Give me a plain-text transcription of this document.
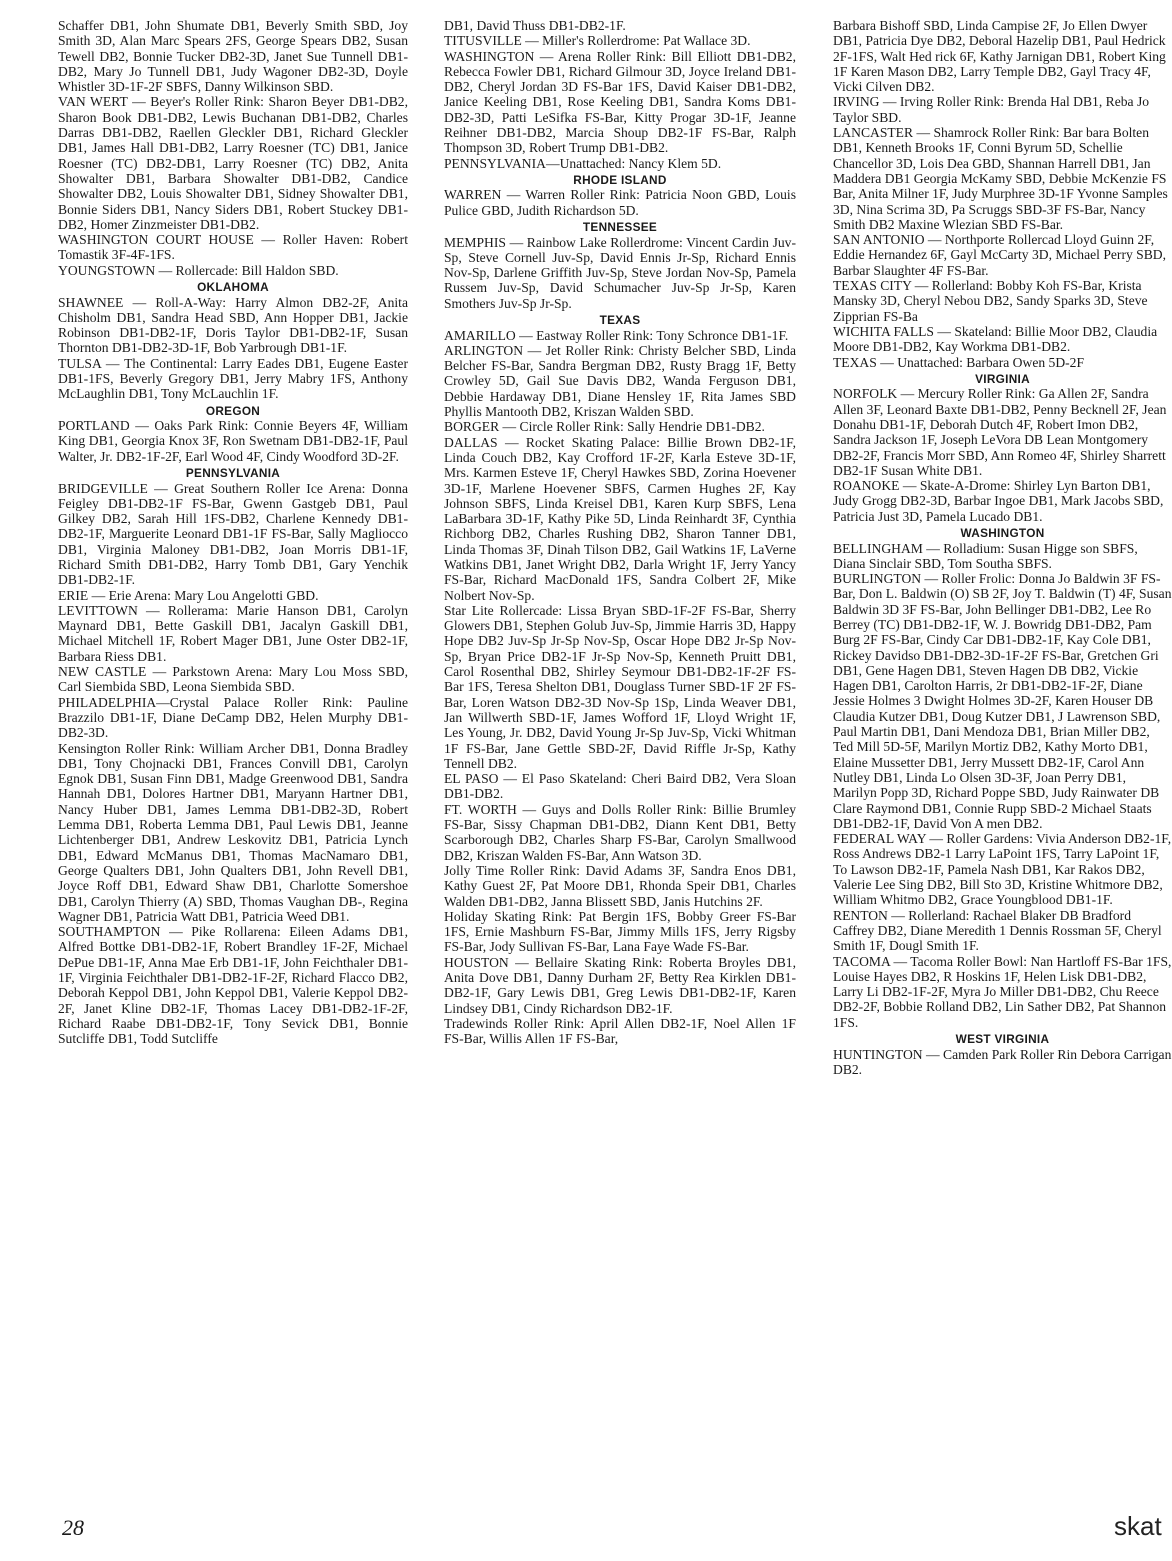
Schaffer DB1, John Shumate DB1, Beverly Smith SBD, Joy Smith 3D, Alan Marc Spears 2FS, George Spears DB2, Susan Tewell DB2, Bonnie Tucker DB2-3D, Janet Sue Tunnell DB1-DB2, Mary Jo Tunnell DB1, Judy Wagoner DB2-3D, Doyle Whistler 3D-1F-2F SBFS, Danny Wilkinson SBD.

VAN WERT — Beyer's Roller Rink: Sharon Beyer DB1-DB2, Sharon Book DB1-DB2, Lewis Buchanan DB1-DB2, Charles Darras DB1-DB2, Raellen Gleckler DB1, Richard Gleckler DB1, James Hall DB1-DB2, Larry Roesner (TC) DB1, Janice Roesner (TC) DB2-DB1, Larry Roesner (TC) DB2, Anita Showalter DB1, Barbara Showalter DB1-DB2, Candice Showalter DB2, Louis Showalter DB1, Sidney Showalter DB1, Bonnie Siders DB1, Nancy Siders DB1, Robert Stuckey DB1-DB2, Homer Zinzmeister DB1-DB2.

WASHINGTON COURT HOUSE — Roller Haven: Robert Tomastik 3F-4F-1FS.

YOUNGSTOWN — Rollercade: Bill Haldon SBD.

OKLAHOMA

SHAWNEE — Roll-A-Way: Harry Almon DB2-2F, Anita Chisholm DB1, Sandra Head SBD, Ann Hopper DB1, Jackie Robinson DB1-DB2-1F, Doris Taylor DB1-DB2-1F, Susan Thornton DB1-DB2-3D-1F, Bob Yarbrough DB1-1F.

TULSA — The Continental: Larry Eades DB1, Eugene Easter DB1-1FS, Beverly Gregory DB1, Jerry Mabry 1FS, Anthony McLaughlin DB1, Tony McLauchlin 1F.

OREGON

PORTLAND — Oaks Park Rink: Connie Beyers 4F, William King DB1, Georgia Knox 3F, Ron Swetnam DB1-DB2-1F, Paul Walter, Jr. DB2-1F-2F, Earl Wood 4F, Cindy Woodford 3D-2F.

PENNSYLVANIA

BRIDGEVILLE — Great Southern Roller Ice Arena: Donna Feigley DB1-DB2-1F FS-Bar, Gwenn Gastgeb DB1, Paul Gilkey DB2, Sarah Hill 1FS-DB2, Charlene Kennedy DB1-DB2-1F, Marguerite Leonard DB1-1F FS-Bar, Sally Magliocco DB1, Virginia Maloney DB1-DB2, Joan Morris DB1-1F, Richard Smith DB1-DB2, Harry Tomb DB1, Gary Yenchik DB1-DB2-1F.

ERIE — Erie Arena: Mary Lou Angelotti GBD.

LEVITTOWN — Rollerama: Marie Hanson DB1, Carolyn Maynard DB1, Bette Gaskill DB1, Jacalyn Gaskill DB1, Michael Mitchell 1F, Robert Mager DB1, June Oster DB2-1F, Barbara Riess DB1.

NEW CASTLE — Parkstown Arena: Mary Lou Moss SBD, Carl Siembida SBD, Leona Siembida SBD.

PHILADELPHIA—Crystal Palace Roller Rink: Pauline Brazzilo DB1-1F, Diane DeCamp DB2, Helen Murphy DB1-DB2-3D.

Kensington Roller Rink: William Archer DB1, Donna Bradley DB1, Tony Chojnacki DB1, Frances Convill DB1, Carolyn Egnok DB1, Susan Finn DB1, Madge Greenwood DB1, Sandra Hannah DB1, Dolores Hartner DB1, Maryann Hartner DB1, Nancy Huber DB1, James Lemma DB1-DB2-3D, Robert Lemma DB1, Roberta Lemma DB1, Paul Lewis DB1, Jeanne Lichtenberger DB1, Andrew Leskovitz DB1, Patricia Lynch DB1, Edward McManus DB1, Thomas MacNamaro DB1, George Qualters DB1, John Qualters DB1, John Revell DB1, Joyce Roff DB1, Edward Shaw DB1, Charlotte Somershoe DB1, Carolyn Thierry (A) SBD, Thomas Vaughan DB-, Regina Wagner DB1, Patricia Watt DB1, Patricia Weed DB1.

SOUTHAMPTON — Pike Rollarena: Eileen Adams DB1, Alfred Bottke DB1-DB2-1F, Robert Brandley 1F-2F, Michael DePue DB1-1F, Anna Mae Erb DB1-1F, John Feichthaler DB1-1F, Virginia Feichthaler DB1-DB2-1F-2F, Richard Flacco DB2, Deborah Keppol DB1, John Keppol DB1, Valerie Keppol DB2-2F, Janet Kline DB2-1F, Thomas Lacey DB1-DB2-1F-2F, Richard Raabe DB1-DB2-1F, Tony Sevick DB1, Bonnie Sutcliffe DB1, Todd Sutcliffe

DB1, David Thuss DB1-DB2-1F.

TITUSVILLE — Miller's Rollerdrome: Pat Wallace 3D.

WASHINGTON — Arena Roller Rink: Bill Elliott DB1-DB2, Rebecca Fowler DB1, Richard Gilmour 3D, Joyce Ireland DB1-DB2, Cheryl Jordan 3D FS-Bar 1FS, David Kaiser DB1-DB2, Janice Keeling DB1, Rose Keeling DB1, Sandra Koms DB1-DB2-3D, Patti LeSifka FS-Bar, Kitty Progar 3D-1F, Jeanne Reihner DB1-DB2, Marcia Shoup DB2-1F FS-Bar, Ralph Thompson 3D, Robert Trump DB1-DB2.

PENNSYLVANIA—Unattached: Nancy Klem 5D.

RHODE ISLAND

WARREN — Warren Roller Rink: Patricia Noon GBD, Louis Pulice GBD, Judith Richardson 5D.

TENNESSEE

MEMPHIS — Rainbow Lake Rollerdrome: Vincent Cardin Juv-Sp, Steve Cornell Juv-Sp, David Ennis Jr-Sp, Richard Ennis Nov-Sp, Darlene Griffith Juv-Sp, Steve Jordan Nov-Sp, Pamela Russem Juv-Sp, David Schumacher Juv-Sp Jr-Sp, Karen Smothers Juv-Sp Jr-Sp.

TEXAS

AMARILLO — Eastway Roller Rink: Tony Schronce DB1-1F.

ARLINGTON — Jet Roller Rink: Christy Belcher SBD, Linda Belcher FS-Bar, Sandra Bergman DB2, Rusty Bragg 1F, Betty Crowley 5D, Gail Sue Davis DB2, Wanda Ferguson DB1, Debbie Hardaway DB1, Diane Hensley 1F, Rita James SBD Phyllis Mantooth DB2, Kriszan Walden SBD.

BORGER — Circle Roller Rink: Sally Hendrie DB1-DB2.

DALLAS — Rocket Skating Palace: Billie Brown DB2-1F, Linda Couch DB2, Kay Crofford 1F-2F, Karla Esteve 3D-1F, Mrs. Karmen Esteve 1F, Cheryl Hawkes SBD, Zorina Hoevener 3D-1F, Marlene Hoevener SBFS, Carmen Hughes 2F, Kay Johnson SBFS, Linda Kreisel DB1, Karen Kurp SBFS, Lena LaBarbara 3D-1F, Kathy Pike 5D, Linda Reinhardt 3F, Cynthia Richborg DB2, Charles Rushing DB2, Sharon Tanner DB1, Linda Thomas 3F, Dinah Tilson DB2, Gail Watkins 1F, LaVerne Watkins DB1, Janet Wright DB2, Darla Wright 1F, Jerry Yancy FS-Bar, Richard MacDonald 1FS, Sandra Colbert 2F, Mike Nolbert Nov-Sp.

Star Lite Rollercade: Lissa Bryan SBD-1F-2F FS-Bar, Sherry Glowers DB1, Stephen Golub Juv-Sp, Jimmie Harris 3D, Happy Hope DB2 Juv-Sp Jr-Sp Nov-Sp, Oscar Hope DB2 Jr-Sp Nov-Sp, Bryan Price DB2-1F Jr-Sp Nov-Sp, Kenneth Pruitt DB1, Carol Rosenthal DB2, Shirley Seymour DB1-DB2-1F-2F FS-Bar 1FS, Teresa Shelton DB1, Douglass Turner SBD-1F 2F FS-Bar, Loren Watson DB2-3D Nov-Sp 1Sp, Linda Weaver DB1, Jan Willwerth SBD-1F, James Wofford 1F, Lloyd Wright 1F, Les Young, Jr. DB2, David Young Jr-Sp Juv-Sp, Vicki Whitman 1F FS-Bar, Jane Gettle SBD-2F, David Riffle Jr-Sp, Kathy Tennell DB2.

EL PASO — El Paso Skateland: Cheri Baird DB2, Vera Sloan DB1-DB2.

FT. WORTH — Guys and Dolls Roller Rink: Billie Brumley FS-Bar, Sissy Chapman DB1-DB2, Diann Kent DB1, Betty Scarborough DB2, Charles Sharp FS-Bar, Carolyn Smallwood DB2, Kriszan Walden FS-Bar, Ann Watson 3D.

Jolly Time Roller Rink: David Adams 3F, Sandra Enos DB1, Kathy Guest 2F, Pat Moore DB1, Rhonda Speir DB1, Charles Walden DB1-DB2, Janna Blissett SBD, Janis Hutchins 2F.

Holiday Skating Rink: Pat Bergin 1FS, Bobby Greer FS-Bar 1FS, Ernie Mashburn FS-Bar, Jimmy Mills 1FS, Jerry Rigsby FS-Bar, Jody Sullivan FS-Bar, Lana Faye Wade FS-Bar.

HOUSTON — Bellaire Skating Rink: Roberta Broyles DB1, Anita Dove DB1, Danny Durham 2F, Betty Rea Kirklen DB1-DB2-1F, Gary Lewis DB1, Greg Lewis DB1-DB2-1F, Karen Lindsey DB1, Cindy Richardson DB2-1F.

Tradewinds Roller Rink: April Allen DB2-1F, Noel Allen 1F FS-Bar, Willis Allen 1F FS-Bar,

Barbara Bishoff SBD, Linda Campise 2F, Jo Ellen Dwyer DB1, Patricia Dye DB2, Deboral Hazelip DB1, Paul Hedrick 2F-1FS, Walt Hed rick 6F, Kathy Jarnigan DB1, Robert King 1F Karen Mason DB2, Larry Temple DB2, Gayl Tracy 4F, Vicki Cilven DB2.

IRVING — Irving Roller Rink: Brenda Hal DB1, Reba Jo Taylor SBD.

LANCASTER — Shamrock Roller Rink: Bar bara Bolten DB1, Kenneth Brooks 1F, Conni Byrum 5D, Schellie Chancellor 3D, Lois Dea GBD, Shannan Harrell DB1, Jan Maddera DB1 Georgia McKamy SBD, Debbie McKenzie FS Bar, Anita Milner 1F, Judy Murphree 3D-1F Yvonne Samples 3D, Nina Scrima 3D, Pa Scruggs SBD-3F FS-Bar, Nancy Smith DB2 Maxine Wlezian SBD FS-Bar.

SAN ANTONIO — Northporte Rollercad Lloyd Guinn 2F, Eddie Hernandez 6F, Gayl McCarty 3D, Michael Perry SBD, Barbar Slaughter 4F FS-Bar.

TEXAS CITY — Rollerland: Bobby Koh FS-Bar, Krista Mansky 3D, Cheryl Nebou DB2, Sandy Sparks 3D, Steve Zipprian FS-Ba

WICHITA FALLS — Skateland: Billie Moor DB2, Claudia Moore DB1-DB2, Kay Workma DB1-DB2.

TEXAS — Unattached: Barbara Owen 5D-2F

VIRGINIA

NORFOLK — Mercury Roller Rink: Ga Allen 2F, Sandra Allen 3F, Leonard Baxte DB1-DB2, Penny Becknell 2F, Jean Donahu DB1-1F, Deborah Dutch 4F, Robert Imon DB2, Sandra Jackson 1F, Joseph LeVora DB Lean Montgomery DB2-2F, Francis Morr SBD, Ann Romeo 4F, Shirley Sharrett DB2-1F Susan White DB1.

ROANOKE — Skate-A-Drome: Shirley Lyn Barton DB1, Judy Grogg DB2-3D, Barbar Ingoe DB1, Mark Jacobs SBD, Patricia Just 3D, Pamela Lucado DB1.

WASHINGTON

BELLINGHAM — Rolladium: Susan Higge son SBFS, Diana Sinclair SBD, Tom Southa SBFS.

BURLINGTON — Roller Frolic: Donna Jo Baldwin 3F FS-Bar, Don L. Baldwin (O) SB 2F, Joy T. Baldwin (T) 4F, Susan Baldwin 3D 3F FS-Bar, John Bellinger DB1-DB2, Lee Ro Berrey (TC) DB1-DB2-1F, W. J. Bowridg DB1-DB2, Pam Burg 2F FS-Bar, Cindy Car DB1-DB2-1F, Kay Cole DB1, Rickey Davidso DB1-DB2-3D-1F-2F FS-Bar, Gretchen Gri DB1, Gene Hagen DB1, Steven Hagen DB DB2, Vickie Hagen DB1, Carolton Harris, 2r DB1-DB2-1F-2F, Diane Jessie Holmes 3 Dwight Holmes 3D-2F, Karen Houser DB Claudia Kutzer DB1, Doug Kutzer DB1, J Lawrenson SBD, Paul Martin DB1, Dani Mendoza DB1, Brian Miller DB2, Ted Mill 5D-5F, Marilyn Mortiz DB2, Kathy Morto DB1, Elaine Mussetter DB1, Jerry Mussett DB2-1F, Carol Ann Nutley DB1, Linda Lo Olsen 3D-3F, Joan Perry DB1, Marilyn Popp 3D, Richard Poppe SBD, Judy Rainwater DB Clare Raymond DB1, Connie Rupp SBD-2 Michael Staats DB1-DB2-1F, David Von A men DB2.

FEDERAL WAY — Roller Gardens: Vivia Anderson DB2-1F, Ross Andrews DB2-1 Larry LaPoint 1FS, Tarry LaPoint 1F, To Lawson DB2-1F, Pamela Nash DB1, Kar Rakos DB2, Valerie Lee Sing DB2, Bill Sto 3D, Kristine Whitmore DB2, William Whitmo DB2, Grace Youngblood DB1-1F.

RENTON — Rollerland: Rachael Blaker DB Bradford Caffrey DB2, Diane Meredith 1 Dennis Rossman 5F, Cheryl Smith 1F, Dougl Smith 1F.

TACOMA — Tacoma Roller Bowl: Nan Hartloff FS-Bar 1FS, Louise Hayes DB2, R Hoskins 1F, Helen Lisk DB1-DB2, Larry Li DB2-1F-2F, Myra Jo Miller DB1-DB2, Chu Reece DB2-2F, Bobbie Rolland DB2, Lin Sather DB2, Pat Shannon 1FS.

WEST VIRGINIA

HUNTINGTON — Camden Park Roller Rin Debora Carrigan DB2.

28	skat
